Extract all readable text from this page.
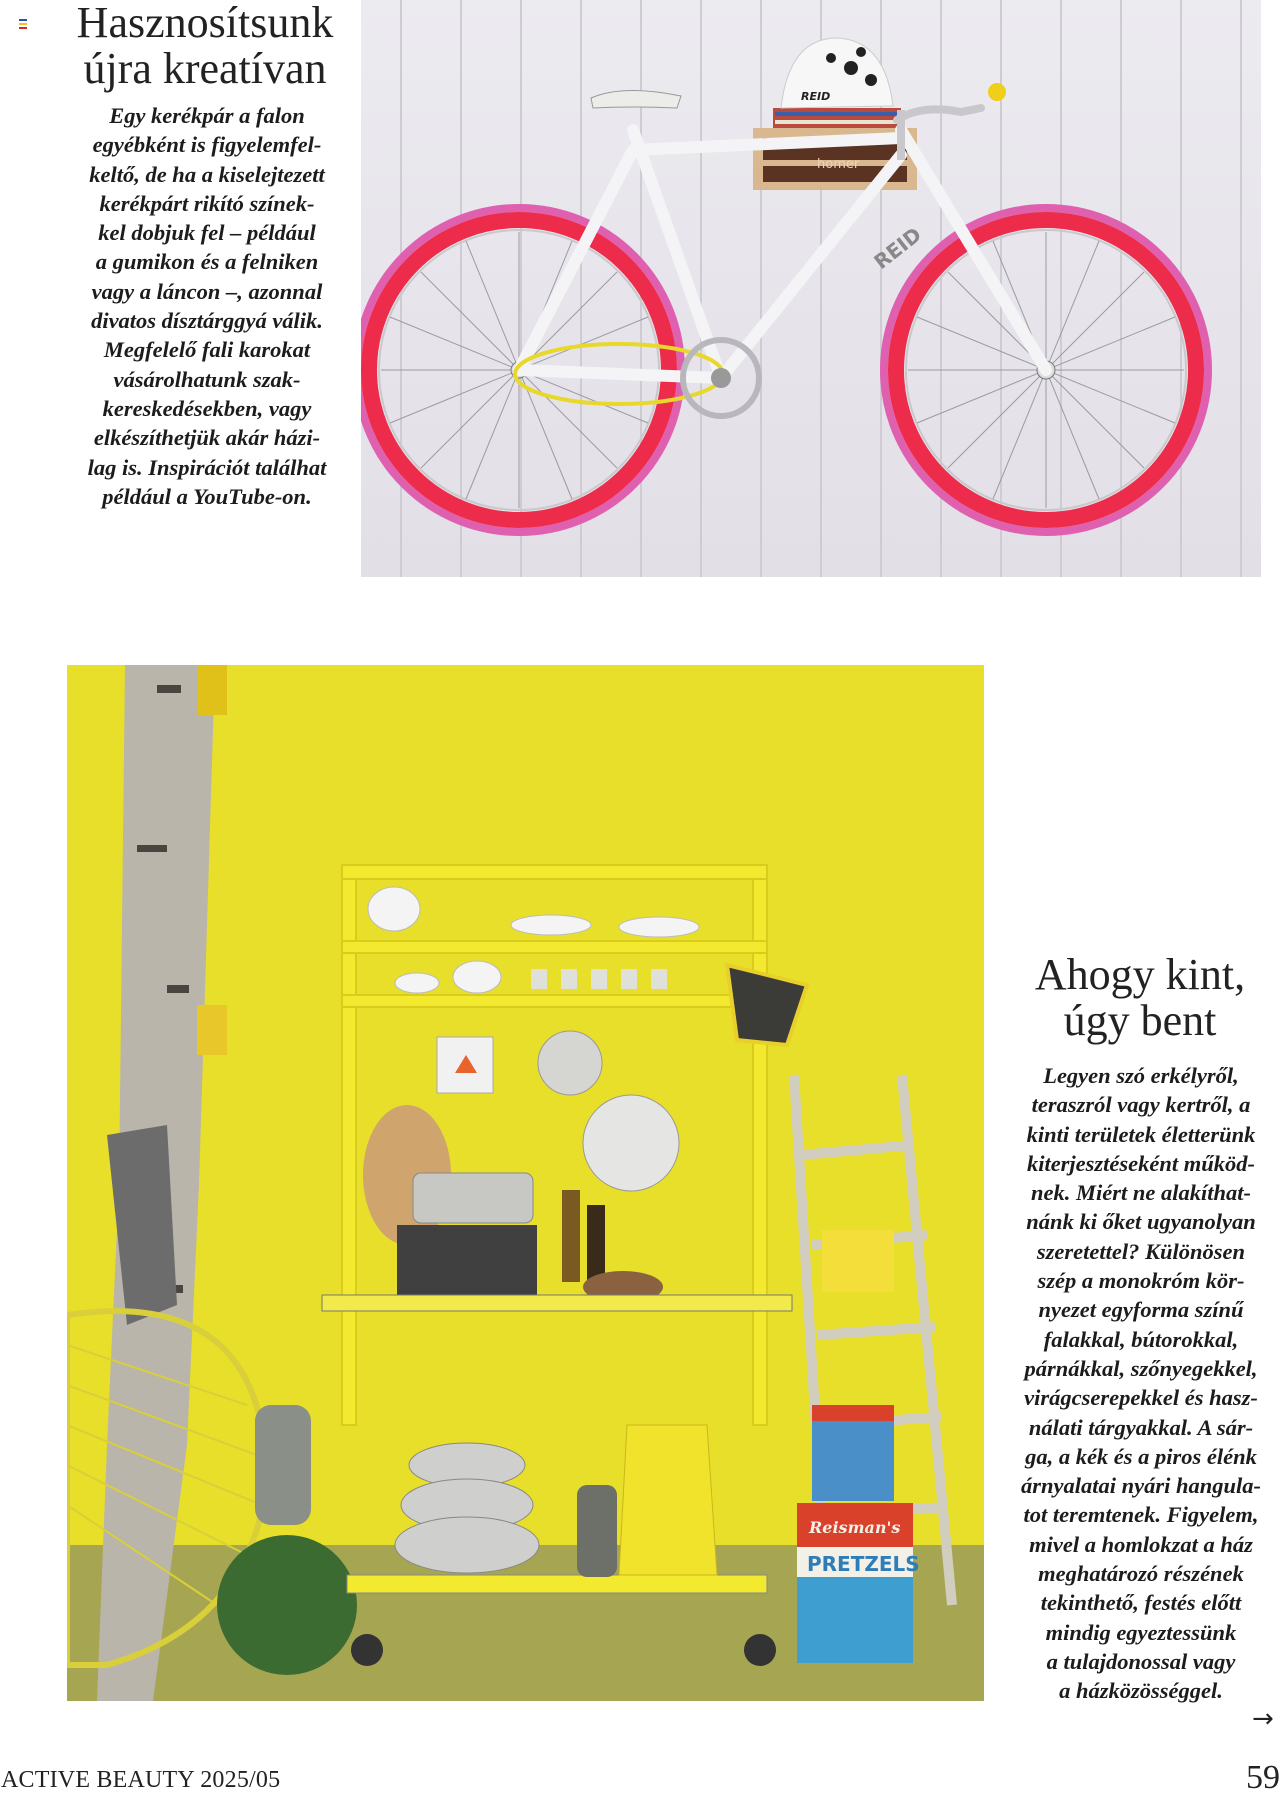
Hasznosítsunk
újra kreatívan

Egy kerékpár a falon
egyébként is figyelemfel-
keltő, de ha a kiselejtezett
kerékpárt rikító színek-
kel dobjuk fel – például
a gumikon és a felniken
vagy a láncon –, azonnal
divatos dísztárggyá válik.
Megfelelő fali karokat
vásárolhatunk szak-
kereskedésekben, vagy
elkészíthetjük akár házi-
lag is. Inspirációt találhat
például a YouTube-on.

homer
REID
REID
Reisman's
PRETZELS
Ahogy kint,
úgy bent

Legyen szó erkélyről,
teraszról vagy kertről, a
kinti területek életterünk
kiterjesztéseként működ-
nek. Miért ne alakíthat-
nánk ki őket ugyanolyan
szeretettel? Különösen
szép a monokróm kör-
nyezet egyforma színű
falakkal, bútorokkal,
párnákkal, szőnyegekkel,
virágcserepekkel és hasz-
nálati tárgyakkal. A sár-
ga, a kék és a piros élénk
árnyalatai nyári hangula-
tot teremtenek. Figyelem,
mivel a homlokzat a ház
meghatározó részének
tekinthető, festés előtt
mindig egyeztessünk
a tulajdonossal vagy
a házközösséggel.

→
ACTIVE BEAUTY 2025/05	59
